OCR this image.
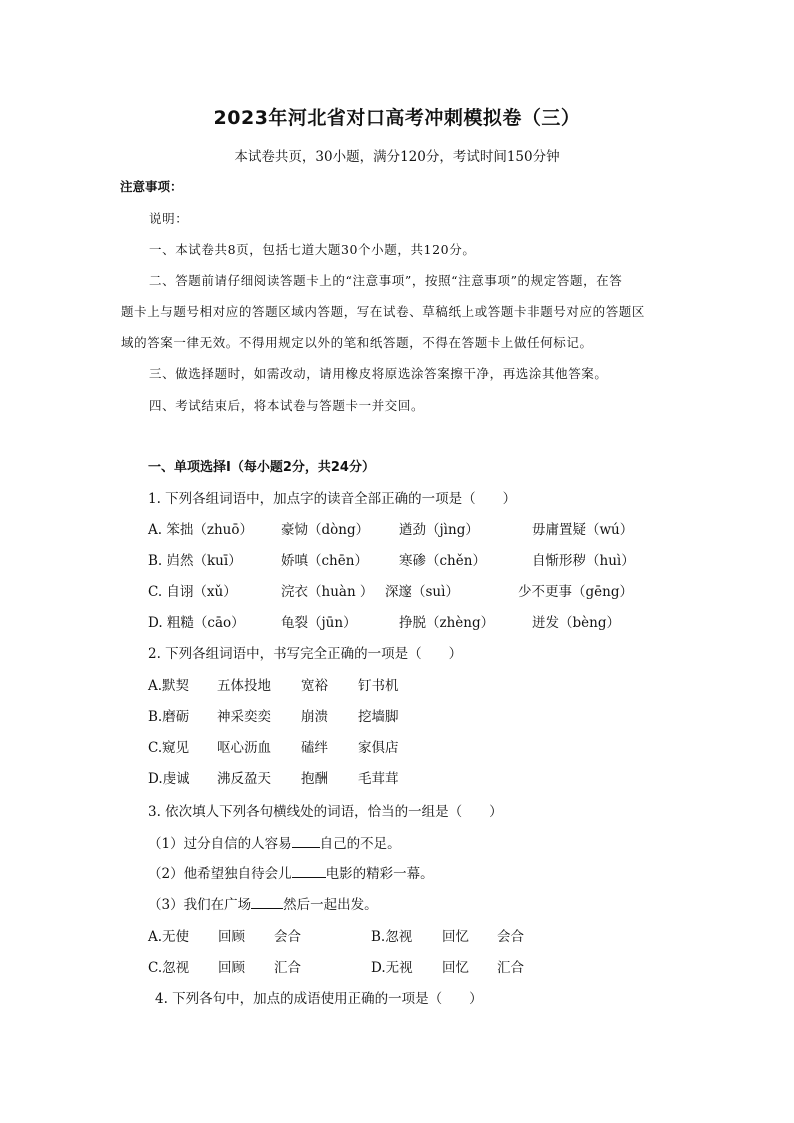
2023年河北省对口高考冲刺模拟卷（三）
本试卷共页，30小题，满分120分，考试时间150分钟
注意事项：
说明：
一、本试卷共8页，包括七道大题30个小题，共120分。
二、答题前请仔细阅读答题卡上的“注意事项”，按照“注意事项”的规定答题，在答
题卡上与题号相对应的答题区域内答题，写在试卷、草稿纸上或答题卡非题号对应的答题区
域的答案一律无效。不得用规定以外的笔和纸答题，不得在答题卡上做任何标记。
三、做选择题时，如需改动，请用橡皮将原选涂答案擦干净，再选涂其他答案。
四、考试结束后，将本试卷与答题卡一并交回。
一、单项选择Ⅰ（每小题2分，共24分）
1. 下列各组词语中，加点字的读音全部正确的一项是（　　）
A. 笨拙（zhuō） 豪恸（dòng） 遒劲（jìng）	毋庸置疑（wú）
B. 岿然（kuī）	娇嗔（chēn） 寒碜（chěn）	自惭形秽（huì）
C. 自诩（xǔ）	浣衣（huàn ） 深邃（suì）	少不更事（gēng）
D. 粗糙（cāo）	龟裂（jūn）	挣脱（zhèng）	迸发（bèng）
2. 下列各组词语中，书写完全正确的一项是（　　）
A.默契 五体投地 宽裕 钉书机
B.磨砺 神采奕奕 崩溃 挖墙脚
C.窥见 呕心沥血 磕绊 家俱店
D.虔诚 沸反盈天 抱酬 毛茸茸
3. 依次填人下列各句横线处的词语，恰当的一组是（　　）
（1）过分自信的人容易 自己的不足。
（2）他希望独自待会儿	电影的精彩一幕。
（3）我们在广场 然后一起出发。
A.无使 回顾 会合	B.忽视 回忆 会合
C.忽视 回顾 汇合	D.无视 回忆 汇合
4. 下列各句中，加点的成语使用正确的一项是（　　）
